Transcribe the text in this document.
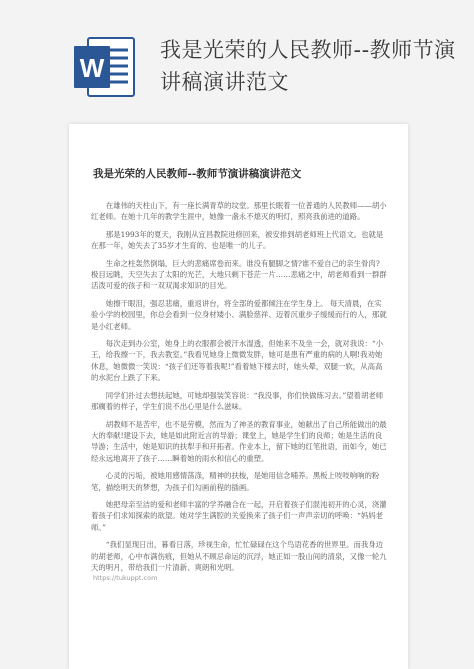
W
我是光荣的人民教师--教师节演讲稿演讲范文
我是光荣的人民教师--教师节演讲稿演讲范文

在雄伟的天柱山下，有一座长满青草的坟堂。那里长眠着一位普通的人民教师——胡小红老师。在她十几年的教学生涯中，她像一盏永不熄灭的明灯，照亮我前进的道路。

那是1993年的夏天，我刚从宜昌教院进修回来，被安排到胡老师班上代语文。也就是在那一年，她失去了35岁才生育的、也是唯一的儿子。

生命之柱轰然倒塌，巨大的悲痛席卷而来。谁没有腿脚之情?谁不爱自己的亲生骨肉? 极目远眺，天空失去了太阳的光芒，大地只剩下苍茫一片……悲痛之中，胡老师看到一群群活泼可爱的孩子和一双双渴求知识的目光。

她擦干眼泪，强忍悲痛，重返讲台，将全部的爱都倾注在学生身上。 每天清晨，在实验小学的校园里，你总会看到一位身材矮小、满脸慈祥、迈着沉重步子缓缓而行的人，那就是小红老师。

每次走到办公室，她身上的衣服都会被汗水湿透，但她来不及坐一会，就对我说：“小王，给我擦一下，我去教室。”我看见她身上微微发胖，她可是患有严重的病的人啊!我劝她休息，她微微一笑说：“孩子们还等着我呢!”看着她下楼去时，她头晕，双腿一软，从高高的水泥台上跌了下来。

同学们扑过去想扶起她，可她却强装笑容说：“我没事，你们快做练习去。”望着胡老师那瘸着的样子，学生们说不出心里是什么滋味。

胡教师不是苦牢，也不是劳模，然而为了神圣的教育事业，她献出了自己所能做出的最大的奉献!建设下去，她是如此附近言的导游；课堂上，她是学生们的良师；她是生活的良导游；生活中，她是知识的扶犁手和开拓者。作业本上，留下她的红笔批语，而如今，她已经永远地离开了孩子……瞬着她的雨水和信心的重塑。

心灵的污垢，被她用感情荡涤，精神的扶梭，是她用信念哺养。黑板上吱吱响响的粉笔，描绘明天的梦想，为孩子们勾画前程的插画。

她把母亲至洁的爱和老师丰富的学养融合在一起，开启着孩子们混沌初开的心灵，浇灌着孩子们求知探索的欲望。她对学生满腔的关爱换来了孩子们一声声亲切的呼唤：“妈妈老师。”

“我们显现日出，暮看日落，珍视生命，忙忙碌碌在这个鸟语花香的世界里。而我身边的胡老师，心中布满伤痕，但她从不顾忌命运的沉浮，她正如一股山间的清泉，又像一轮九天的明月，带给我们一片清新、爽朗和光明。

https://tukuppt.com
